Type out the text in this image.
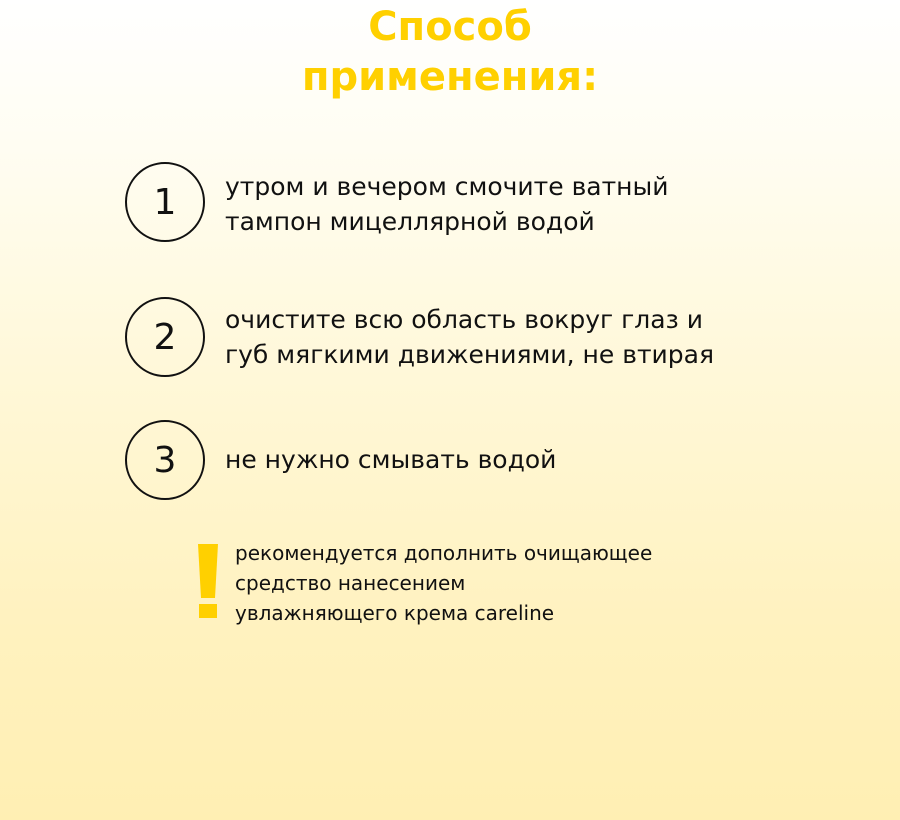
Способ
применения:
1	утром и вечером смочите ватный
тампон мицеллярной водой
2	очистите всю область вокруг глаз и
губ мягкими движениями, не втирая
3	не нужно смывать водой
рекомендуется дополнить очищающее
средство нанесением
увлажняющего крема careline
